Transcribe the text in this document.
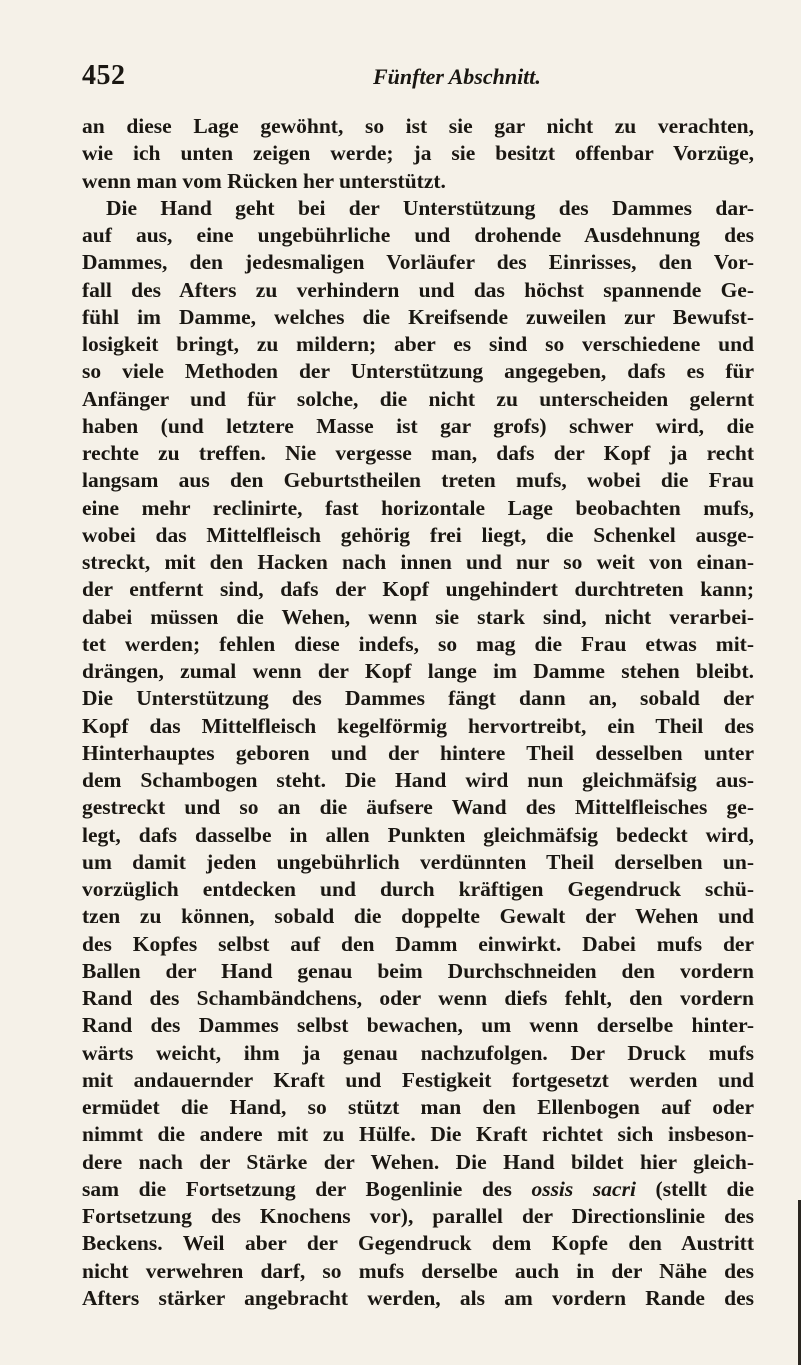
452	Fünfter Abschnitt.
an diese Lage gewöhnt, so ist sie gar nicht zu verachten,
wie ich unten zeigen werde; ja sie besitzt offenbar Vorzüge,
wenn man vom Rücken her unterstützt.
Die Hand geht bei der Unterstützung des Dammes dar-
auf aus, eine ungebührliche und drohende Ausdehnung des
Dammes, den jedesmaligen Vorläufer des Einrisses, den Vor-
fall des Afters zu verhindern und das höchst spannende Ge-
fühl im Damme, welches die Kreifsende zuweilen zur Bewufst-
losigkeit bringt, zu mildern; aber es sind so verschiedene und
so viele Methoden der Unterstützung angegeben, dafs es für
Anfänger und für solche, die nicht zu unterscheiden gelernt
haben (und letztere Masse ist gar grofs) schwer wird, die
rechte zu treffen. Nie vergesse man, dafs der Kopf ja recht
langsam aus den Geburtstheilen treten mufs, wobei die Frau
eine mehr reclinirte, fast horizontale Lage beobachten mufs,
wobei das Mittelfleisch gehörig frei liegt, die Schenkel ausge-
streckt, mit den Hacken nach innen und nur so weit von einan-
der entfernt sind, dafs der Kopf ungehindert durchtreten kann;
dabei müssen die Wehen, wenn sie stark sind, nicht verarbei-
tet werden; fehlen diese indefs, so mag die Frau etwas mit-
drängen, zumal wenn der Kopf lange im Damme stehen bleibt.
Die Unterstützung des Dammes fängt dann an, sobald der
Kopf das Mittelfleisch kegelförmig hervortreibt, ein Theil des
Hinterhauptes geboren und der hintere Theil desselben unter
dem Schambogen steht. Die Hand wird nun gleichmäfsig aus-
gestreckt und so an die äufsere Wand des Mittelfleisches ge-
legt, dafs dasselbe in allen Punkten gleichmäfsig bedeckt wird,
um damit jeden ungebührlich verdünnten Theil derselben un-
vorzüglich entdecken und durch kräftigen Gegendruck schü-
tzen zu können, sobald die doppelte Gewalt der Wehen und
des Kopfes selbst auf den Damm einwirkt. Dabei mufs der
Ballen der Hand genau beim Durchschneiden den vordern
Rand des Schambändchens, oder wenn diefs fehlt, den vordern
Rand des Dammes selbst bewachen, um wenn derselbe hinter-
wärts weicht, ihm ja genau nachzufolgen. Der Druck mufs
mit andauernder Kraft und Festigkeit fortgesetzt werden und
ermüdet die Hand, so stützt man den Ellenbogen auf oder
nimmt die andere mit zu Hülfe. Die Kraft richtet sich insbeson-
dere nach der Stärke der Wehen. Die Hand bildet hier gleich-
sam die Fortsetzung der Bogenlinie des ossis sacri (stellt die
Fortsetzung des Knochens vor), parallel der Directionslinie des
Beckens. Weil aber der Gegendruck dem Kopfe den Austritt
nicht verwehren darf, so mufs derselbe auch in der Nähe des
Afters stärker angebracht werden, als am vordern Rande des
